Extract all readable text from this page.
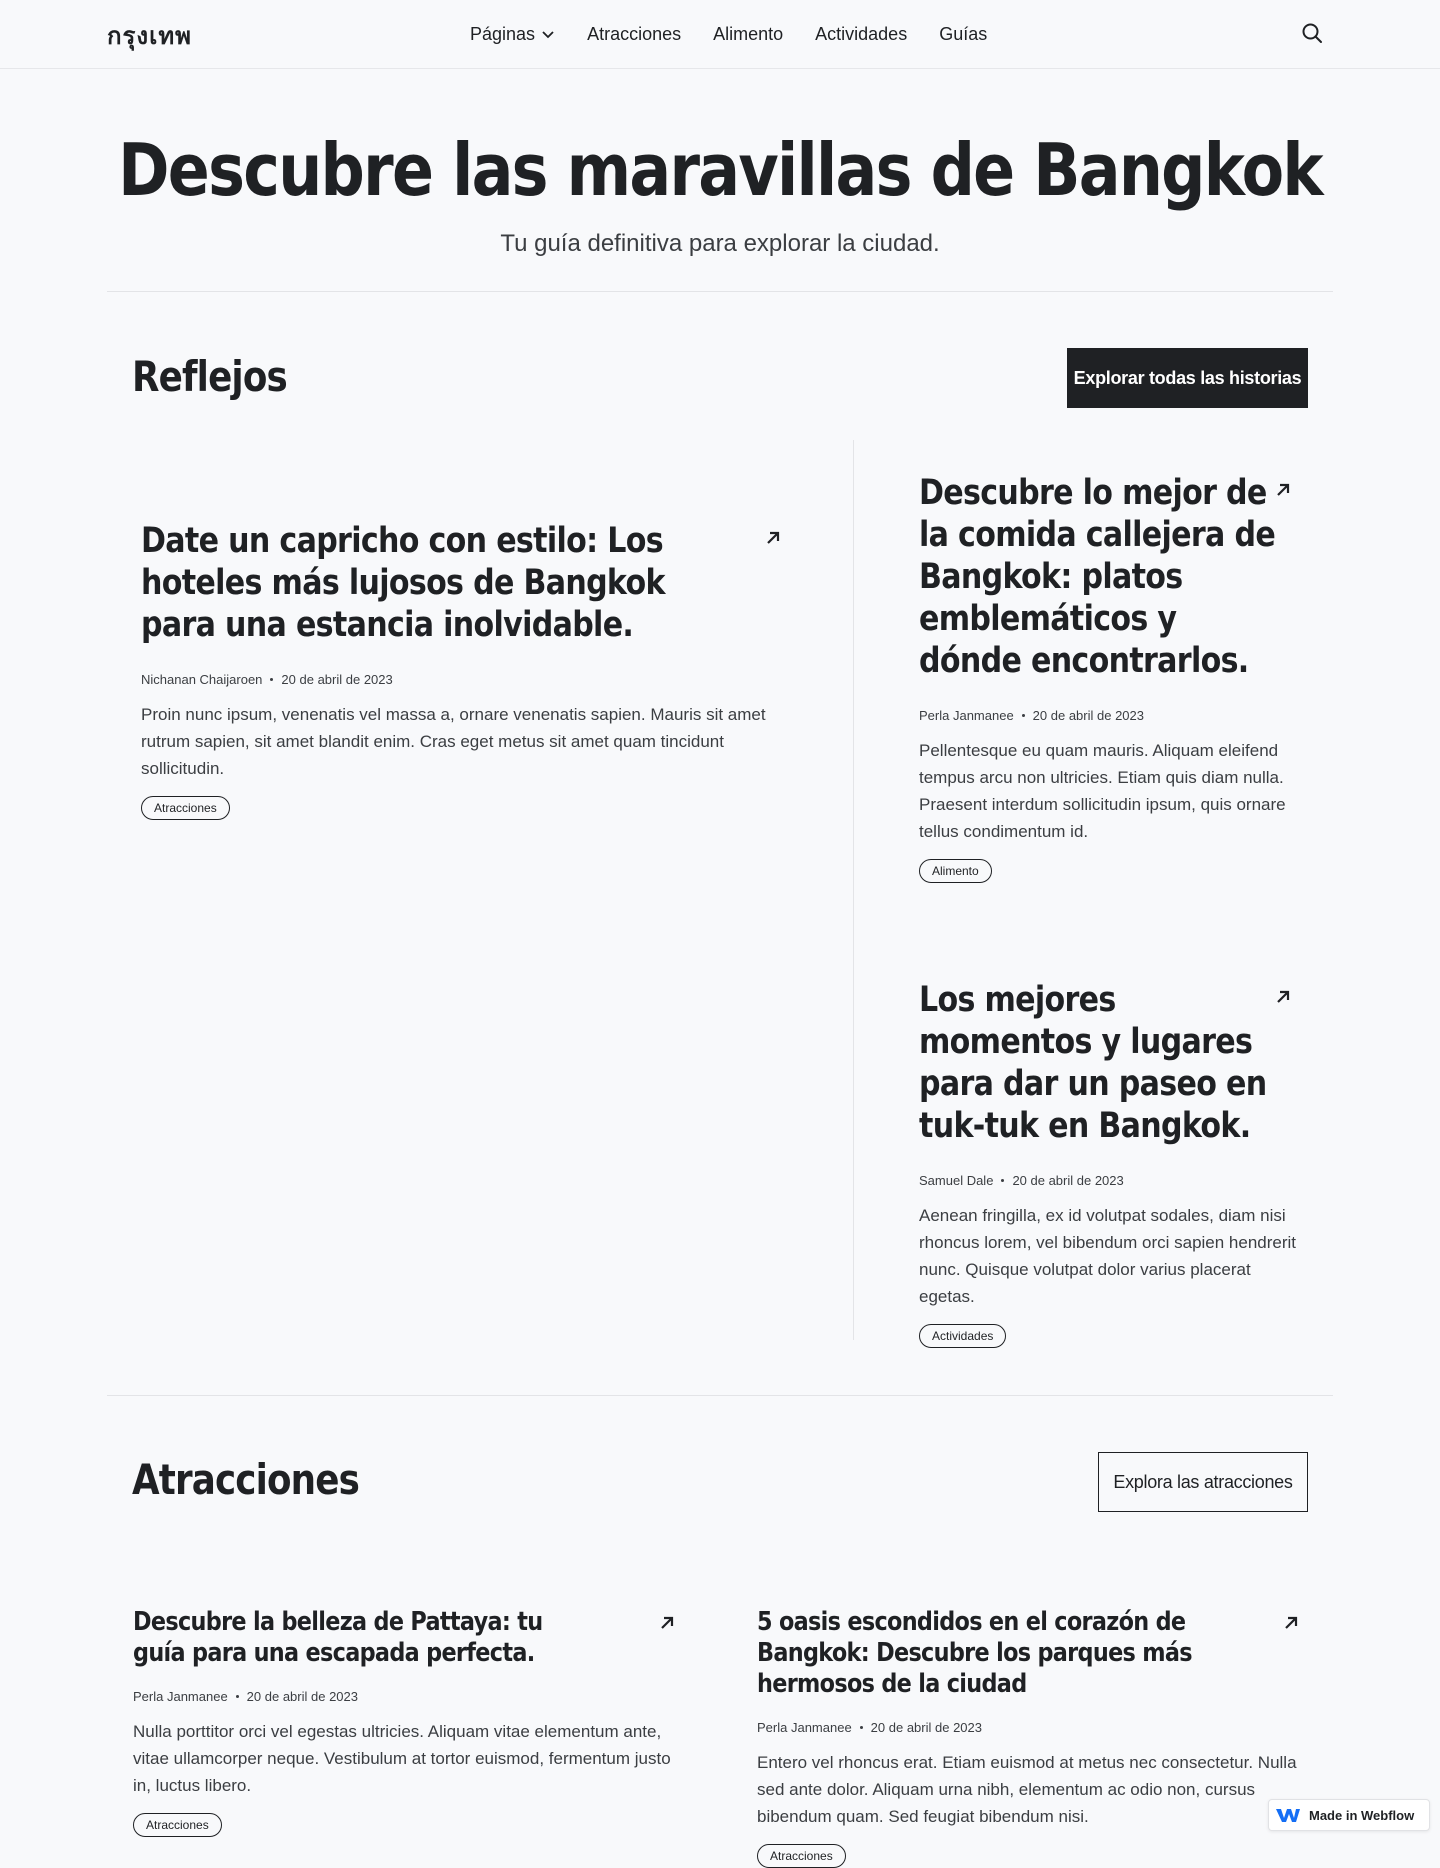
กรุงเทพ	Páginas	Atracciones Alimento Actividades Guías
Descubre las maravillas de Bangkok

Tu guía definitiva para explorar la ciudad.

Reflejos	Explorar todas las historias
Date un capricho con estilo: Los hoteles más lujosos de Bangkok para una estancia inolvidable.
Nichanan Chaijaroen 20 de abril de 2023

Proin nunc ipsum, venenatis vel massa a, ornare venenatis sapien. Mauris sit amet rutrum sapien, sit amet blandit enim. Cras eget metus sit amet quam tincidunt sollicitudin.

Atracciones
Descubre lo mejor de la comida callejera de Bangkok: platos emblemáticos y dónde encontrarlos.
Perla Janmanee 20 de abril de 2023

Pellentesque eu quam mauris. Aliquam eleifend tempus arcu non ultricies. Etiam quis diam nulla. Praesent interdum sollicitudin ipsum, quis ornare tellus condimentum id.

Alimento
Los mejores momentos y lugares para dar un paseo en tuk-tuk en Bangkok.
Samuel Dale 20 de abril de 2023

Aenean fringilla, ex id volutpat sodales, diam nisi rhoncus lorem, vel bibendum orci sapien hendrerit nunc. Quisque volutpat dolor varius placerat egetas.

Actividades
Atracciones	Explora las atracciones
Descubre la belleza de Pattaya: tu guía para una escapada perfecta.
Perla Janmanee 20 de abril de 2023

Nulla porttitor orci vel egestas ultricies. Aliquam vitae elementum ante, vitae ullamcorper neque. Vestibulum at tortor euismod, fermentum justo in, luctus libero.

Atracciones
5 oasis escondidos en el corazón de Bangkok: Descubre los parques más hermosos de la ciudad
Perla Janmanee 20 de abril de 2023

Entero vel rhoncus erat. Etiam euismod at metus nec consectetur. Nulla sed ante dolor. Aliquam urna nibh, elementum ac odio non, cursus bibendum quam. Sed feugiat bibendum nisi.

Atracciones
Made in Webflow
